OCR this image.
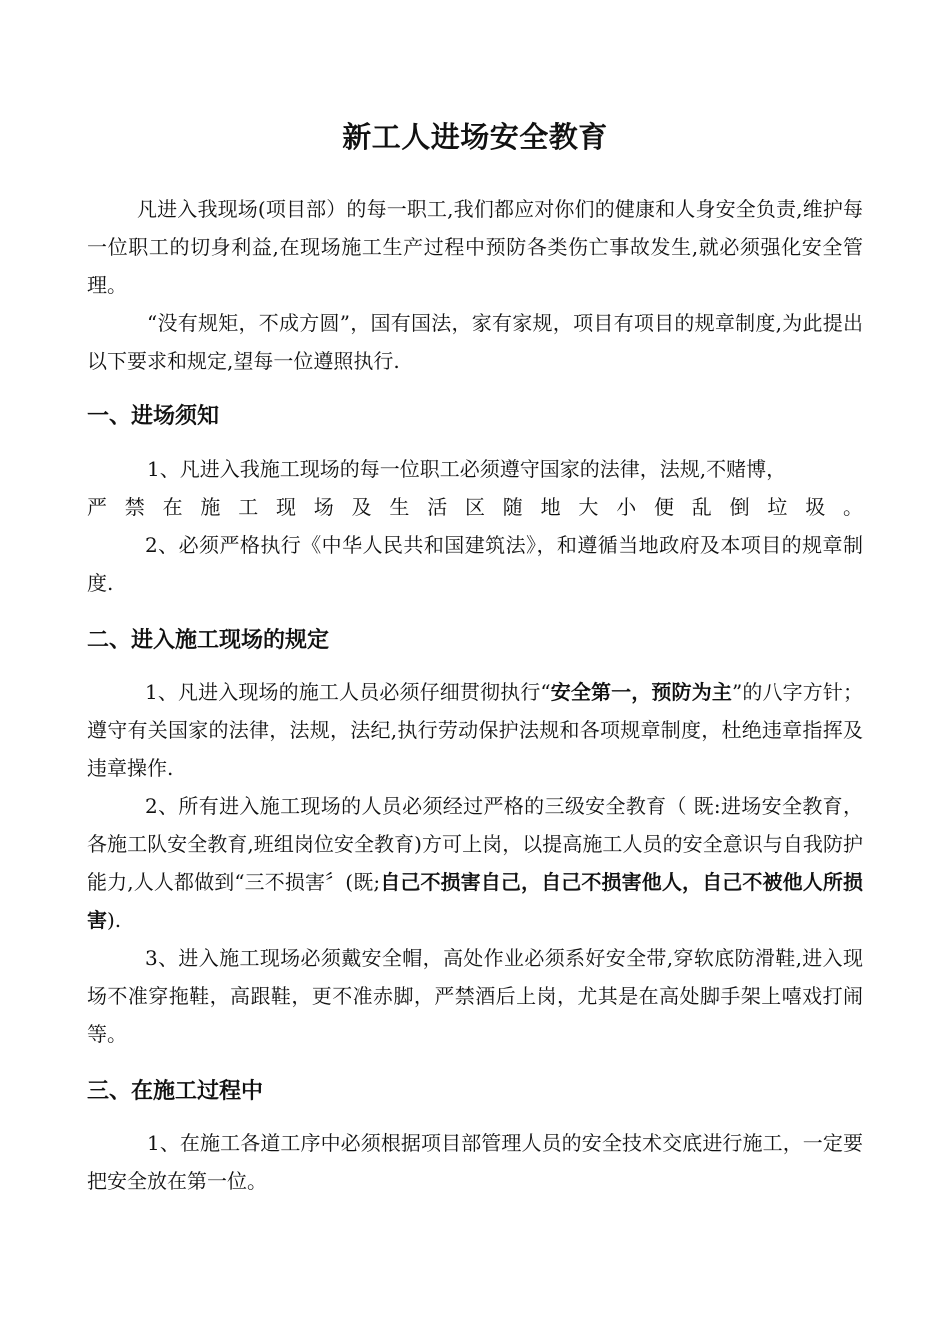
新工人进场安全教育
凡进入我现场(项目部）的每一职工,我们都应对你们的健康和人身安全负责,维护每一位职工的切身利益,在现场施工生产过程中预防各类伤亡事故发生,就必须强化安全管理。
“没有规矩，不成方圆”，国有国法，家有家规，项目有项目的规章制度,为此提出以下要求和规定,望每一位遵照执行.
一、进场须知
1、凡进入我施工现场的每一位职工必须遵守国家的法律，法规,不赌博，
严禁在施工现场及生活区随地大小便乱倒垃圾。
2、必须严格执行《中华人民共和国建筑法》，和遵循当地政府及本项目的规章制度.
二、进入施工现场的规定
1、凡进入现场的施工人员必须仔细贯彻执行“安全第一，预防为主”的八字方针；遵守有关国家的法律，法规，法纪,执行劳动保护法规和各项规章制度，杜绝违章指挥及违章操作.
2、所有进入施工现场的人员必须经过严格的三级安全教育（ 既:进场安全教育，各施工队安全教育,班组岗位安全教育)方可上岗，以提高施工人员的安全意识与自我防护能力,人人都做到“三不损害〞(既;自己不损害自己，自己不损害他人，自己不被他人所损害).
3、进入施工现场必须戴安全帽，高处作业必须系好安全带,穿软底防滑鞋,进入现场不准穿拖鞋，高跟鞋，更不准赤脚，严禁酒后上岗，尤其是在高处脚手架上嘻戏打闹等。
三、在施工过程中
1、在施工各道工序中必须根据项目部管理人员的安全技术交底进行施工，一定要把安全放在第一位。
